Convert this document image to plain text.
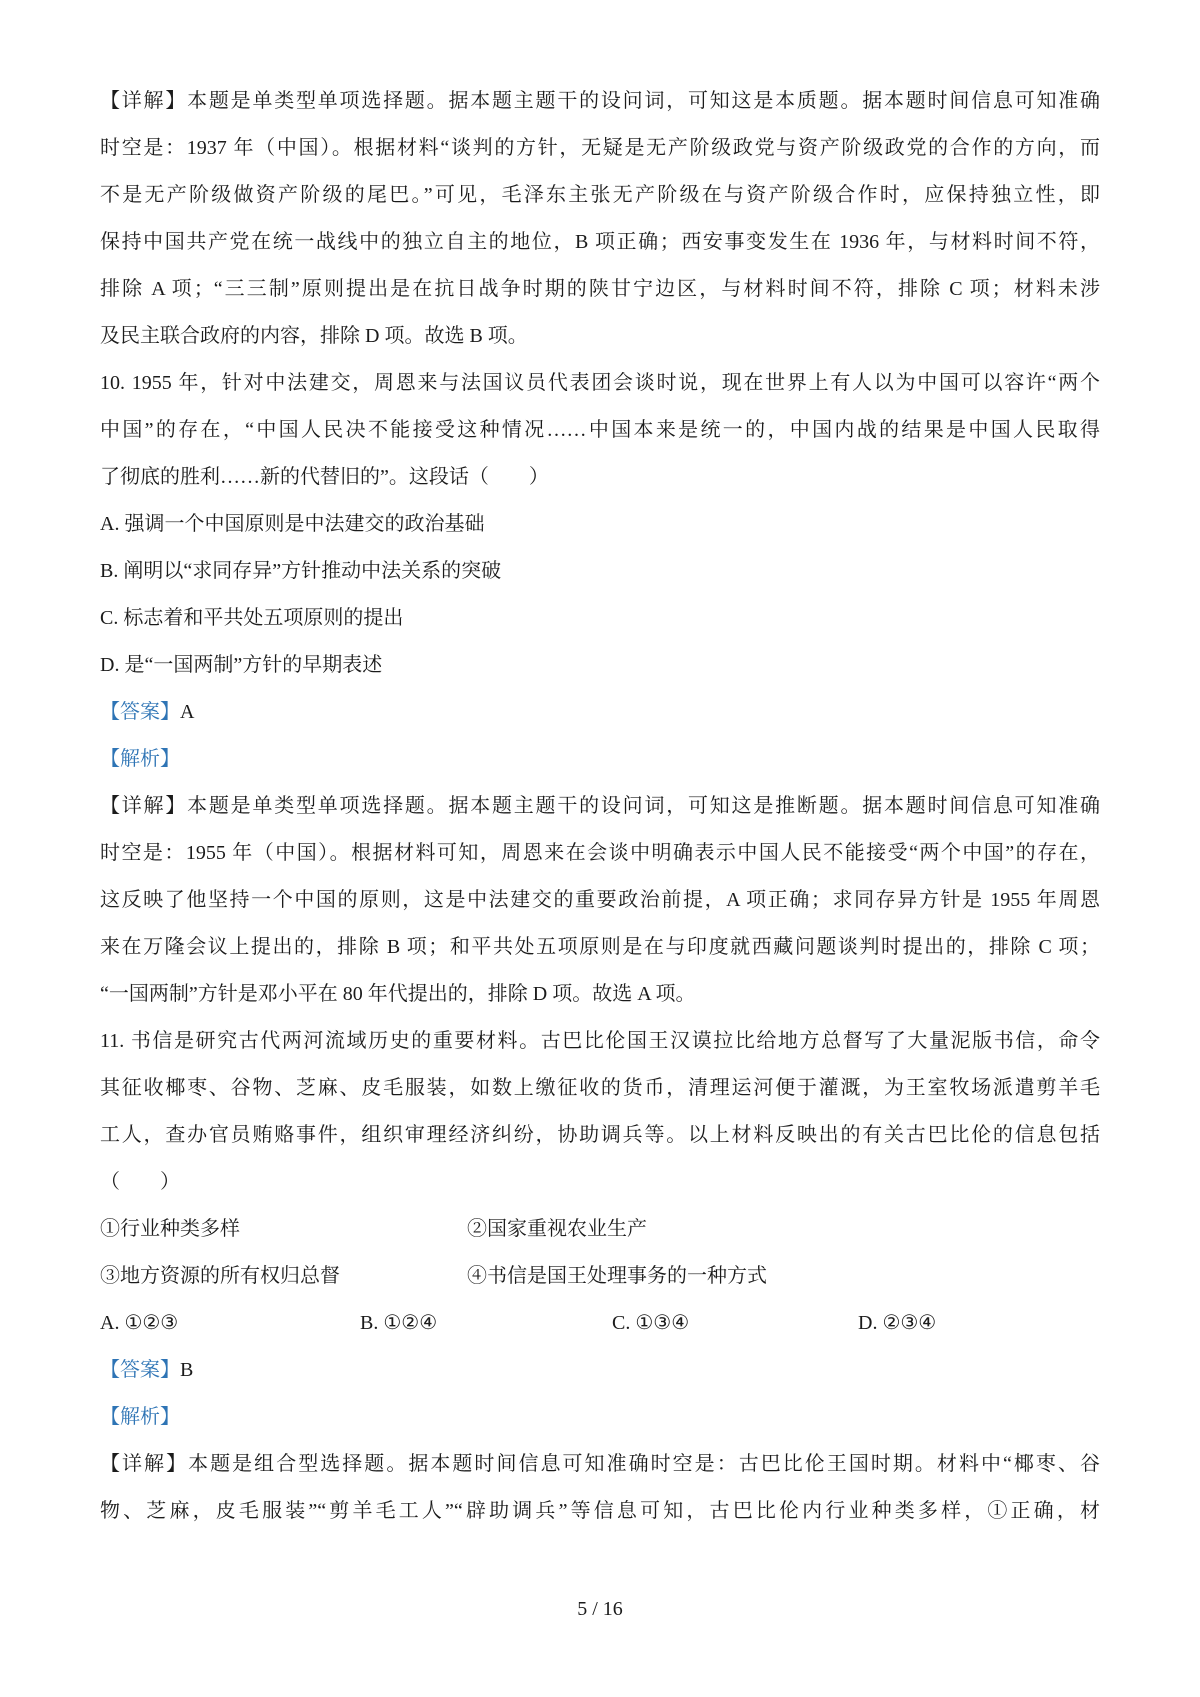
【详解】本题是单类型单项选择题。据本题主题干的设问词，可知这是本质题。据本题时间信息可知准确
时空是：1937 年（中国）。根据材料“谈判的方针，无疑是无产阶级政党与资产阶级政党的合作的方向，而
不是无产阶级做资产阶级的尾巴。”可见，毛泽东主张无产阶级在与资产阶级合作时，应保持独立性，即
保持中国共产党在统一战线中的独立自主的地位，B 项正确；西安事变发生在 1936 年，与材料时间不符，
排除 A 项；“三三制”原则提出是在抗日战争时期的陕甘宁边区，与材料时间不符，排除 C 项；材料未涉
及民主联合政府的内容，排除 D 项。故选 B 项。
10. 1955 年，针对中法建交，周恩来与法国议员代表团会谈时说，现在世界上有人以为中国可以容许“两个
中国”的存在，“中国人民决不能接受这种情况……中国本来是统一的，中国内战的结果是中国人民取得
了彻底的胜利……新的代替旧的”。这段话（　　）
A. 强调一个中国原则是中法建交的政治基础
B. 阐明以“求同存异”方针推动中法关系的突破
C. 标志着和平共处五项原则的提出
D. 是“一国两制”方针的早期表述
【答案】A
【解析】
【详解】本题是单类型单项选择题。据本题主题干的设问词，可知这是推断题。据本题时间信息可知准确
时空是：1955 年（中国）。根据材料可知，周恩来在会谈中明确表示中国人民不能接受“两个中国”的存在，
这反映了他坚持一个中国的原则，这是中法建交的重要政治前提，A 项正确；求同存异方针是 1955 年周恩
来在万隆会议上提出的，排除 B 项；和平共处五项原则是在与印度就西藏问题谈判时提出的，排除 C 项；
“一国两制”方针是邓小平在 80 年代提出的，排除 D 项。故选 A 项。
11. 书信是研究古代两河流域历史的重要材料。古巴比伦国王汉谟拉比给地方总督写了大量泥版书信，命令
其征收椰枣、谷物、芝麻、皮毛服装，如数上缴征收的货币，清理运河便于灌溉，为王室牧场派遣剪羊毛
工人，查办官员贿赂事件，组织审理经济纠纷，协助调兵等。以上材料反映出的有关古巴比伦的信息包括
（　　）
①行业种类多样	②国家重视农业生产
③地方资源的所有权归总督	④书信是国王处理事务的一种方式
A. ①②③	B. ①②④	C. ①③④	D. ②③④
【答案】B
【解析】
【详解】本题是组合型选择题。据本题时间信息可知准确时空是：古巴比伦王国时期。材料中“椰枣、谷
物、芝麻，皮毛服装”“剪羊毛工人”“辟助调兵”等信息可知，古巴比伦内行业种类多样，①正确，材
5 / 16
